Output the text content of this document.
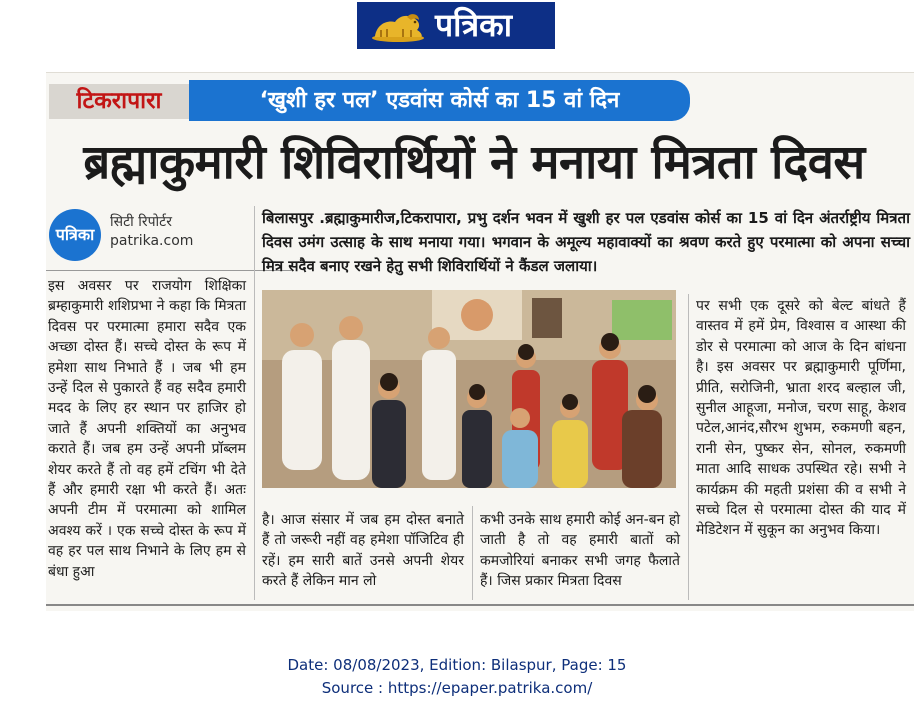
पत्रिका
टिकरापारा	‘खुशी हर पल’ एडवांस कोर्स का 15 वां दिन
ब्रह्माकुमारी शिविरार्थियों ने मनाया मित्रता दिवस
पत्रिका
सिटी रिपोर्टर
patrika.com
बिलासपुर .ब्रह्माकुमारीज,टिकरापारा, प्रभु दर्शन भवन में खुशी हर पल एडवांस कोर्स का 15 वां दिन अंतर्राष्ट्रीय मित्रता दिवस उमंग उत्साह के साथ मनाया गया। भगवान के अमूल्य महावाक्यों का श्रवण करते हुए परमात्मा को अपना सच्चा मित्र सदैव बनाए रखने हेतु सभी शिविरार्थियों ने कैंडल जलाया।
इस अवसर पर राजयोग शिक्षिका ब्रम्हाकुमारी शशिप्रभा ने कहा कि मित्रता दिवस पर परमात्मा हमारा सदैव एक अच्छा दोस्त हैं। सच्चे दोस्त के रूप में हमेशा साथ निभाते हैं । जब भी हम उन्हें दिल से पुकारते हैं वह सदैव हमारी मदद के लिए हर स्थान पर हाजिर हो जाते हैं अपनी शक्तियों का अनुभव कराते हैं। जब हम उन्हें अपनी प्रॉब्लम शेयर करते हैं तो वह हमें टचिंग भी देते हैं और हमारी रक्षा भी करते हैं। अतः अपनी टीम में परमात्मा को शामिल अवश्य करें । एक सच्चे दोस्त के रूप में वह हर पल साथ निभाने के लिए हम से बंधा हुआ
है। आज संसार में जब हम दोस्त बनाते हैं तो जरूरी नहीं वह हमेशा पॉजिटिव ही रहें। हम सारी बातें उनसे अपनी शेयर करते हैं लेकिन मान लो
कभी उनके साथ हमारी कोई अन-बन हो जाती है तो वह हमारी बातों को कमजोरियां बनाकर सभी जगह फैलाते हैं। जिस प्रकार मित्रता दिवस
पर सभी एक दूसरे को बेल्ट बांधते हैं वास्तव में हमें प्रेम, विश्वास व आस्था की डोर से परमात्मा को आज के दिन बांधना है। इस अवसर पर ब्रह्माकुमारी पूर्णिमा, प्रीति, सरोजिनी, भ्राता शरद बल्हाल जी, सुनील आहूजा, मनोज, चरण साहू, केशव पटेल,आनंद,सौरभ शुभम, रुकमणी बहन, रानी सेन, पुष्कर सेन, सोनल, रुकमणी माता आदि साधक उपस्थित रहे। सभी ने कार्यक्रम की महती प्रशंसा की व सभी ने सच्चे दिल से परमात्मा दोस्त की याद में मेडिटेशन में सुकून का अनुभव किया।
Date: 08/08/2023, Edition: Bilaspur, Page: 15
Source : https://epaper.patrika.com/
